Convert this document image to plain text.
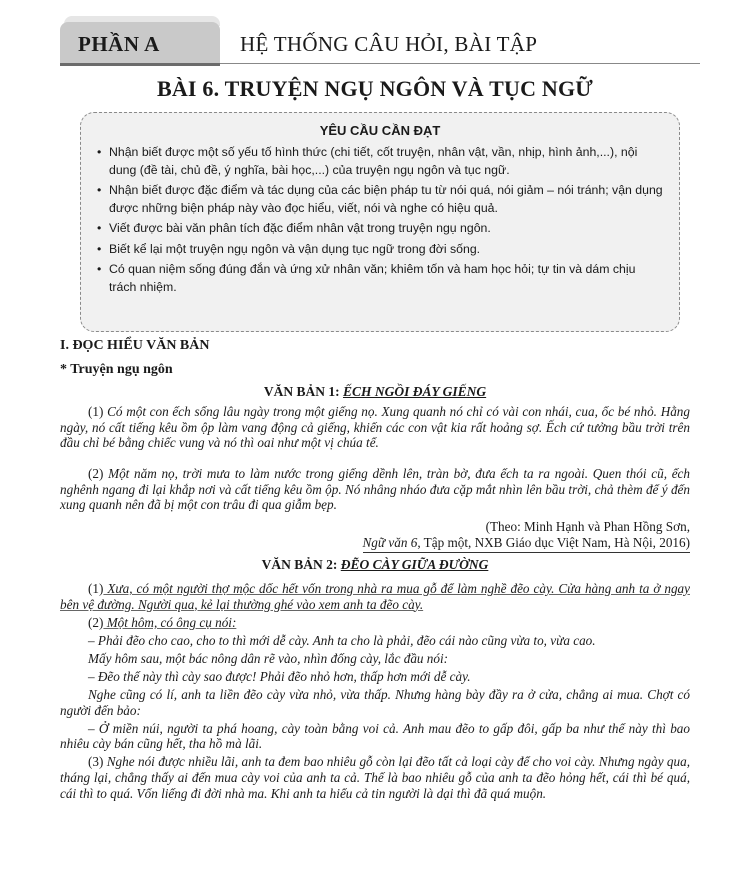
PHẦN A	HỆ THỐNG CÂU HỎI, BÀI TẬP
BÀI 6. TRUYỆN NGỤ NGÔN VÀ TỤC NGỮ
YÊU CẦU CẦN ĐẠT
• Nhận biết được một số yếu tố hình thức (chi tiết, cốt truyện, nhân vật, vần, nhịp, hình ảnh,...), nội dung (đề tài, chủ đề, ý nghĩa, bài học,...) của truyện ngụ ngôn và tục ngữ.
• Nhận biết được đặc điểm và tác dụng của các biện pháp tu từ nói quá, nói giảm – nói tránh; vận dụng được những biện pháp này vào đọc hiểu, viết, nói và nghe có hiệu quả.
• Viết được bài văn phân tích đặc điểm nhân vật trong truyện ngụ ngôn.
• Biết kể lại một truyện ngụ ngôn và vận dụng tục ngữ trong đời sống.
• Có quan niệm sống đúng đắn và ứng xử nhân văn; khiêm tốn và ham học hỏi; tự tin và dám chịu trách nhiệm.
I. ĐỌC HIỂU VĂN BẢN
* Truyện ngụ ngôn
VĂN BẢN 1: ẾCH NGỒI ĐÁY GIẾNG
(1) Có một con ếch sống lâu ngày trong một giếng nọ. Xung quanh nó chỉ có vài con nhái, cua, ốc bé nhỏ. Hằng ngày, nó cất tiếng kêu ồm ộp làm vang động cả giếng, khiến các con vật kia rất hoảng sợ. Ếch cứ tưởng bầu trời trên đầu chỉ bé bằng chiếc vung và nó thì oai như một vị chúa tể.
(2) Một năm nọ, trời mưa to làm nước trong giếng dềnh lên, tràn bờ, đưa ếch ta ra ngoài. Quen thói cũ, ếch nghênh ngang đi lại khắp nơi và cất tiếng kêu ồm ộp. Nó nhâng nháo đưa cặp mắt nhìn lên bầu trời, chả thèm để ý đến xung quanh nên đã bị một con trâu đi qua giẫm bẹp.
(Theo: Minh Hạnh và Phan Hồng Sơn,
Ngữ văn 6, Tập một, NXB Giáo dục Việt Nam, Hà Nội, 2016)
VĂN BẢN 2: ĐẼO CÀY GIỮA ĐƯỜNG

(1) Xưa, có một người thợ mộc dốc hết vốn trong nhà ra mua gỗ để làm nghề đẽo cày. Cửa hàng anh ta ở ngay bên vệ đường. Người qua, kẻ lại thường ghé vào xem anh ta đẽo cày.

(2) Một hôm, có ông cụ nói:

– Phải đẽo cho cao, cho to thì mới dễ cày. Anh ta cho là phải, đẽo cái nào cũng vừa to, vừa cao.

Mấy hôm sau, một bác nông dân rẽ vào, nhìn đống cày, lắc đầu nói:

– Đẽo thế này thì cày sao được! Phải đẽo nhỏ hơn, thấp hơn mới dễ cày.

Nghe cũng có lí, anh ta liền đẽo cày vừa nhỏ, vừa thấp. Nhưng hàng bày đầy ra ở cửa, chẳng ai mua. Chợt có người đến bảo:

– Ở miền núi, người ta phá hoang, cày toàn bằng voi cả. Anh mau đẽo to gấp đôi, gấp ba như thế này thì bao nhiêu cày bán cũng hết, tha hồ mà lãi.

(3) Nghe nói được nhiều lãi, anh ta đem bao nhiêu gỗ còn lại đẽo tất cả loại cày để cho voi cày. Nhưng ngày qua, tháng lại, chẳng thấy ai đến mua cày voi của anh ta cả. Thế là bao nhiêu gỗ của anh ta đẽo hỏng hết, cái thì bé quá, cái thì to quá. Vốn liếng đi đời nhà ma. Khi anh ta hiểu cả tin người là dại thì đã quá muộn.
